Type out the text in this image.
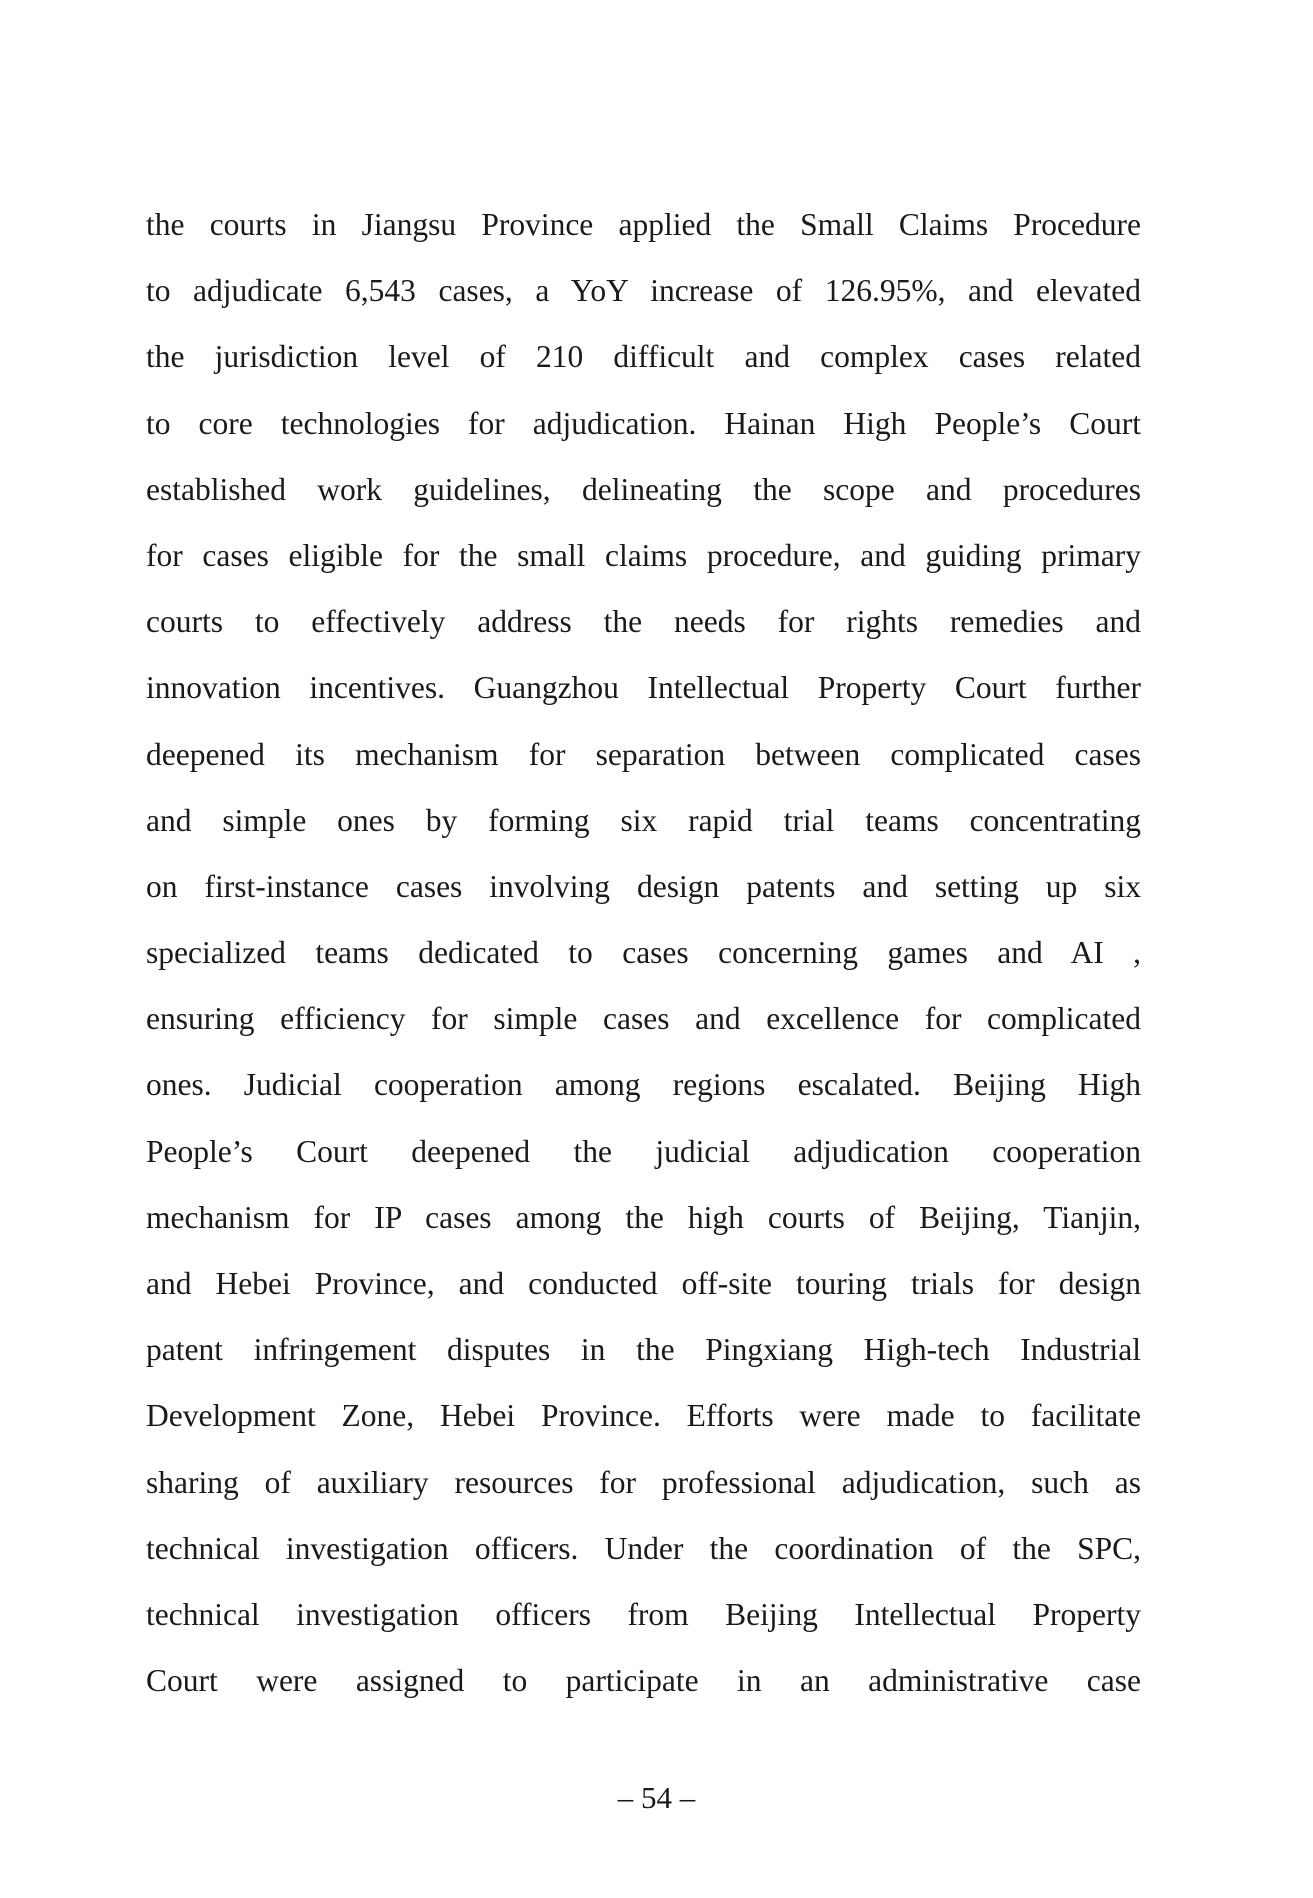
the courts in Jiangsu Province applied the Small Claims Procedure
to adjudicate 6,543 cases, a YoY increase of 126.95%, and elevated
the jurisdiction level of 210 difficult and complex cases related
to core technologies for adjudication. Hainan High People’s Court
established work guidelines, delineating the scope and procedures
for cases eligible for the small claims procedure, and guiding primary
courts to effectively address the needs for rights remedies and
innovation incentives. Guangzhou Intellectual Property Court further
deepened its mechanism for separation between complicated cases
and simple ones by forming six rapid trial teams concentrating
on first-instance cases involving design patents and setting up six
specialized teams dedicated to cases concerning games and AI ,
ensuring efficiency for simple cases and excellence for complicated
ones. Judicial cooperation among regions escalated. Beijing High
People’s Court deepened the judicial adjudication cooperation
mechanism for IP cases among the high courts of Beijing, Tianjin,
and Hebei Province, and conducted off-site touring trials for design
patent infringement disputes in the Pingxiang High-tech Industrial
Development Zone, Hebei Province. Efforts were made to facilitate
sharing of auxiliary resources for professional adjudication, such as
technical investigation officers. Under the coordination of the SPC,
technical investigation officers from Beijing Intellectual Property
Court were assigned to participate in an administrative case
– 54 –
